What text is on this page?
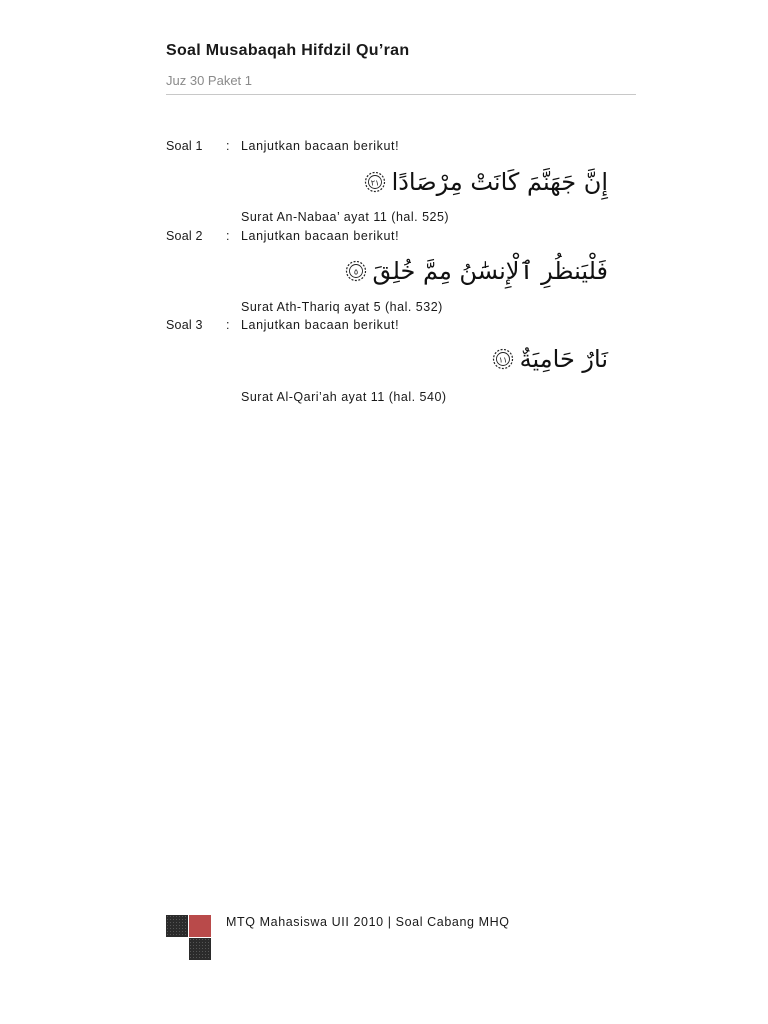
Soal Musabaqah Hifdzil Qu’ran
Juz 30 Paket 1
Soal 1 : Lanjutkan bacaan berikut!
إِنَّ جَهَنَّمَ كَانَتْ مِرْصَادًا
٢١
Surat An-Nabaa’ ayat 11 (hal. 525)
Soal 2 : Lanjutkan bacaan berikut!
فَلْيَنظُرِ ٱلْإِنسَٰنُ مِمَّ خُلِقَ
٥
Surat Ath-Thariq ayat 5 (hal. 532)
Soal 3 : Lanjutkan bacaan berikut!
نَارٌ حَامِيَةٌ
١١
Surat Al-Qari’ah ayat 11 (hal. 540)
MTQ Mahasiswa UII 2010 | Soal Cabang MHQ
